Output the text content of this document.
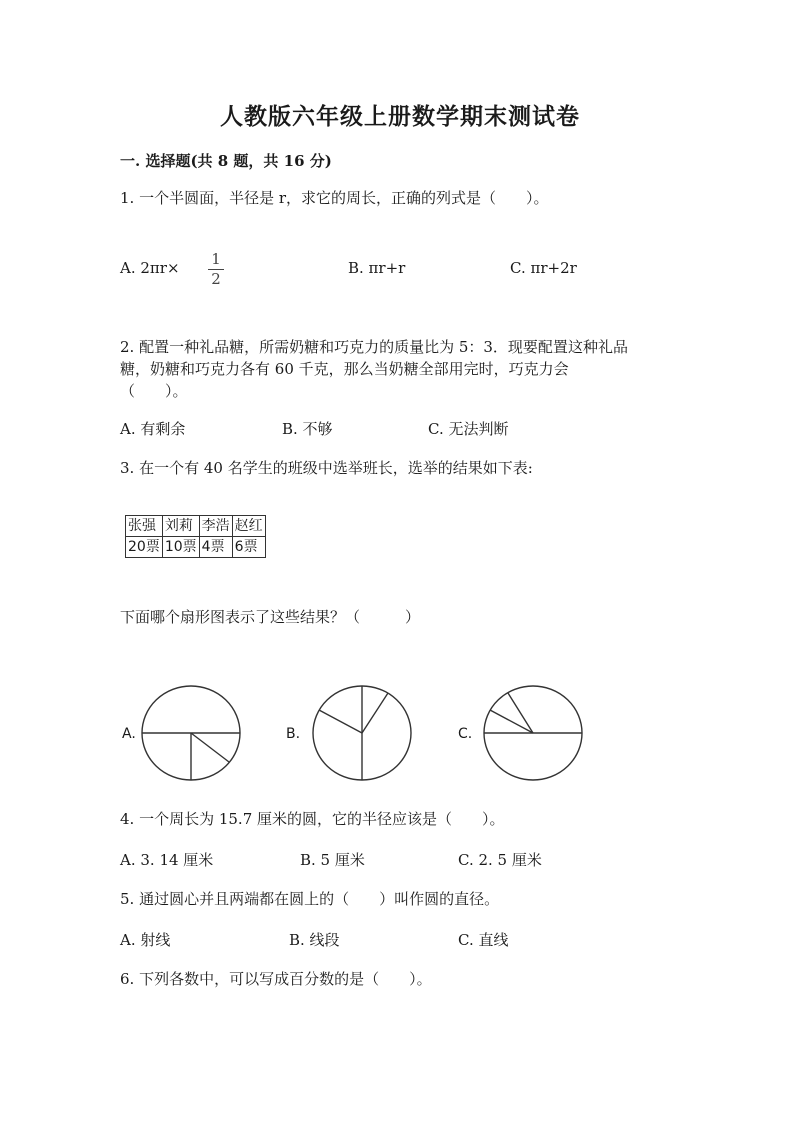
人教版六年级上册数学期末测试卷
一. 选择题(共 8 题，共 16 分)
1. 一个半圆面，半径是 r，求它的周长，正确的列式是（　　）。
A. 2πr× 1
2
B. πr+r	C. πr+2r
2. 配置一种礼品糖，所需奶糖和巧克力的质量比为 5：3．现要配置这种礼品
糖，奶糖和巧克力各有 60 千克，那么当奶糖全部用完时，巧克力会
（　　）。
A. 有剩余	B. 不够	C. 无法判断
3. 在一个有 40 名学生的班级中选举班长，选举的结果如下表:
张强	刘莉	李浩	赵红
20票	10票	4票	6票
下面哪个扇形图表示了这些结果？（　　　）
A.	B.	C.
4. 一个周长为 15.7 厘米的圆，它的半径应该是（　　）。
A. 3. 14 厘米	B. 5 厘米	C. 2. 5 厘米
5. 通过圆心并且两端都在圆上的（　　）叫作圆的直径。
A. 射线	B. 线段	C. 直线
6. 下列各数中，可以写成百分数的是（　　）。
